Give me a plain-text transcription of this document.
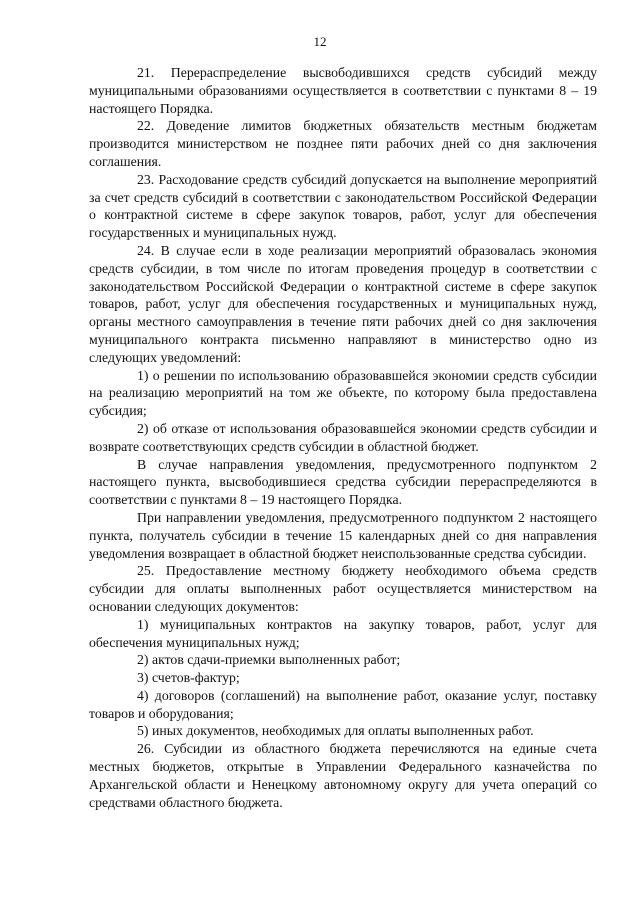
12

21. Перераспределение высвободившихся средств субсидий между муниципальными образованиями осуществляется в соответствии с пунктами 8 – 19 настоящего Порядка.

22. Доведение лимитов бюджетных обязательств местным бюджетам производится министерством не позднее пяти рабочих дней со дня заключения соглашения.

23. Расходование средств субсидий допускается на выполнение мероприятий за счет средств субсидий в соответствии с законодательством Российской Федерации о контрактной системе в сфере закупок товаров, работ, услуг для обеспечения государственных и муниципальных нужд.

24. В случае если в ходе реализации мероприятий образовалась экономия средств субсидии, в том числе по итогам проведения процедур в соответствии с законодательством Российской Федерации о контрактной системе в сфере закупок товаров, работ, услуг для обеспечения государственных и муниципальных нужд, органы местного самоуправления в течение пяти рабочих дней со дня заключения муниципального контракта письменно направляют в министерство одно из следующих уведомлений:

1) о решении по использованию образовавшейся экономии средств субсидии на реализацию мероприятий на том же объекте, по которому была предоставлена субсидия;

2) об отказе от использования образовавшейся экономии средств субсидии и возврате соответствующих средств субсидии в областной бюджет.

В случае направления уведомления, предусмотренного подпунктом 2 настоящего пункта, высвободившиеся средства субсидии перераспределяются в соответствии с пунктами 8 – 19 настоящего Порядка.

При направлении уведомления, предусмотренного подпунктом 2 настоящего пункта, получатель субсидии в течение 15 календарных дней со дня направления уведомления возвращает в областной бюджет неиспользованные средства субсидии.

25. Предоставление местному бюджету необходимого объема средств субсидии для оплаты выполненных работ осуществляется министерством на основании следующих документов:

1) муниципальных контрактов на закупку товаров, работ, услуг для обеспечения муниципальных нужд;

2) актов сдачи-приемки выполненных работ;

3) счетов-фактур;

4) договоров (соглашений) на выполнение работ, оказание услуг, поставку товаров и оборудования;

5) иных документов, необходимых для оплаты выполненных работ.

26. Субсидии из областного бюджета перечисляются на единые счета местных бюджетов, открытые в Управлении Федерального казначейства по Архангельской области и Ненецкому автономному округу для учета операций со средствами областного бюджета.
